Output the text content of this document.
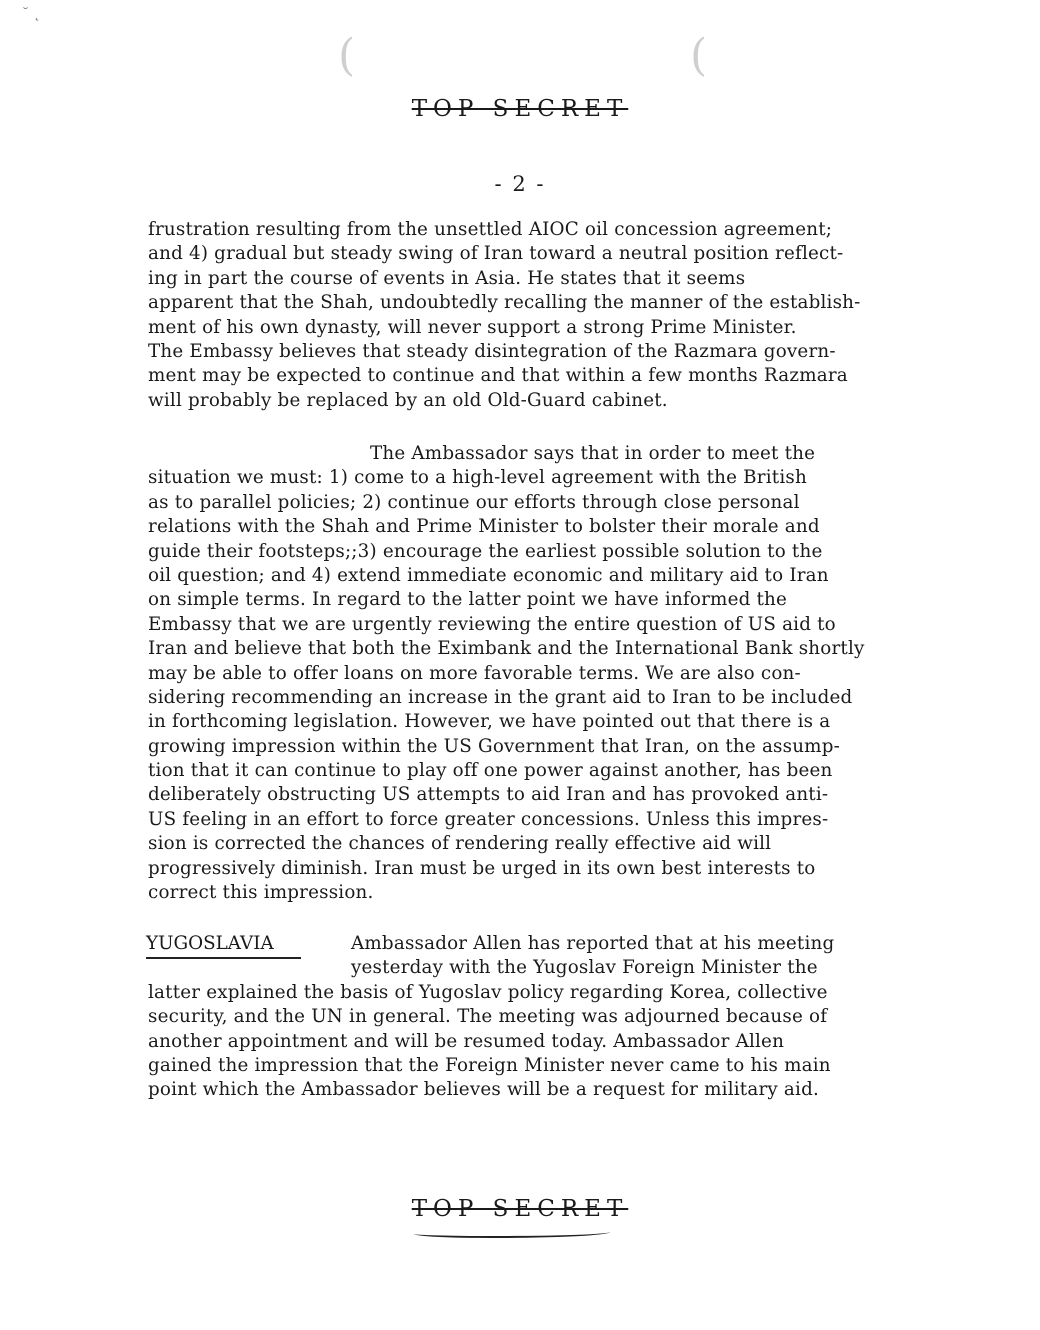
˘ ˛
(	(
TOP SECRET
- 2 -
frustration resulting from the unsettled AIOC oil concession agreement;
and 4) gradual but steady swing of Iran toward a neutral position reflect-
ing in part the course of events in Asia. He states that it seems
apparent that the Shah, undoubtedly recalling the manner of the establish-
ment of his own dynasty, will never support a strong Prime Minister.
The Embassy believes that steady disintegration of the Razmara govern-
ment may be expected to continue and that within a few months Razmara
will probably be replaced by an old Old-Guard cabinet.
The Ambassador says that in order to meet the
situation we must: 1) come to a high-level agreement with the British
as to parallel policies; 2) continue our efforts through close personal
relations with the Shah and Prime Minister to bolster their morale and
guide their footsteps;;3) encourage the earliest possible solution to the
oil question; and 4) extend immediate economic and military aid to Iran
on simple terms. In regard to the latter point we have informed the
Embassy that we are urgently reviewing the entire question of US aid to
Iran and believe that both the Eximbank and the International Bank shortly
may be able to offer loans on more favorable terms. We are also con-
sidering recommending an increase in the grant aid to Iran to be included
in forthcoming legislation. However, we have pointed out that there is a
growing impression within the US Government that Iran, on the assump-
tion that it can continue to play off one power against another, has been
deliberately obstructing US attempts to aid Iran and has provoked anti-
US feeling in an effort to force greater concessions. Unless this impres-
sion is corrected the chances of rendering really effective aid will
progressively diminish. Iran must be urged in its own best interests to
correct this impression.
YUGOSLAVIA	Ambassador Allen has reported that at his meeting
yesterday with the Yugoslav Foreign Minister the
latter explained the basis of Yugoslav policy regarding Korea, collective
security, and the UN in general. The meeting was adjourned because of
another appointment and will be resumed today. Ambassador Allen
gained the impression that the Foreign Minister never came to his main
point which the Ambassador believes will be a request for military aid.
TOP SECRET
